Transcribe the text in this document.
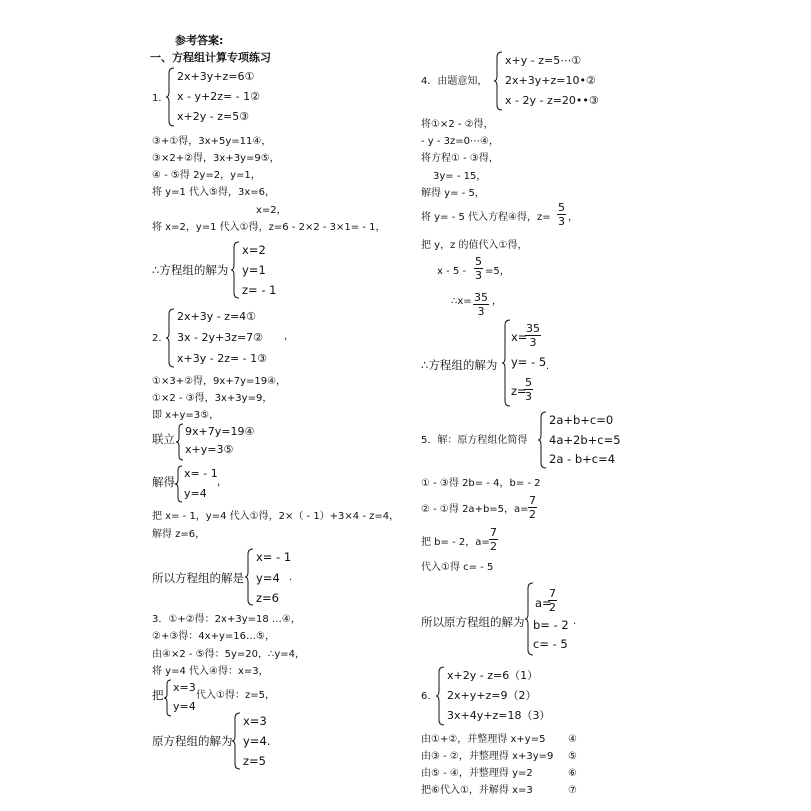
参考答案:
一、方程组计算专项练习
1.
2x+3y+z=6①
x - y+2z= - 1②
x+2y - z=5③
③+①得，3x+5y=11④，
③×2+②得，3x+3y=9⑤，
④ - ⑤得 2y=2，y=1，
将 y=1 代入⑤得，3x=6，
x=2，
将 x=2，y=1 代入①得，z=6 - 2×2 - 3×1= - 1，
∴方程组的解为
x=2
y=1
z= - 1
2.
2x+3y - z=4①
3x - 2y+3z=7②
x+3y - 2z= - 1③
，
①×3+②得，9x+7y=19④，
①×2 - ③得，3x+3y=9，
即 x+y=3⑤，
联立
9x+7y=19④
x+y=3⑤
解得
x= - 1
y=4
，
把 x= - 1，y=4 代入①得，2×（ - 1）+3×4 - z=4，
解得 z=6，
所以方程组的解是
x= - 1
y=4
z=6
.
3．①+②得：2x+3y=18 …④，
②+③得：4x+y=16…⑤，
由④×2 - ⑤得：5y=20，∴y=4，
将 y=4 代入④得：x=3，
把
x=3
y=4
代入①得：z=5，
原方程组的解为
x=3
y=4.
z=5
4．由题意知，
x+y - z=5⋯①
2x+3y+z=10•②
x - 2y - z=20••③
将①×2 - ②得，
- y - 3z=0⋯④，
将方程① - ③得，
3y= - 15，
解得 y= - 5，
将 y= - 5 代入方程④得，z=
5
3 ，
把 y，z 的值代入①得，
x - 5 -
5
3 =5，
∴x= 35
3
，
∴方程组的解为
x=
35
3
y= - 5 .
z=
5
3
5．解：原方程组化简得
2a+b+c=0
4a+2b+c=5
2a - b+c=4
① - ③得 2b= - 4，b= - 2
② - ①得 2a+b=5，a=
7
2
把 b= - 2，a=
7
2
代入①得 c= - 5
所以原方程组的解为
a=
7
2
b= - 2 ·
c= - 5
6.
x+2y - z=6（1）
2x+y+z=9（2）
3x+4y+z=18（3）
由①+②，并整理得 x+y=5 ④
由③ - ②，并整理得 x+3y=9 ⑤
由⑤ - ④，并整理得 y=2	⑥
把⑥代入①，并解得 x=3	⑦
